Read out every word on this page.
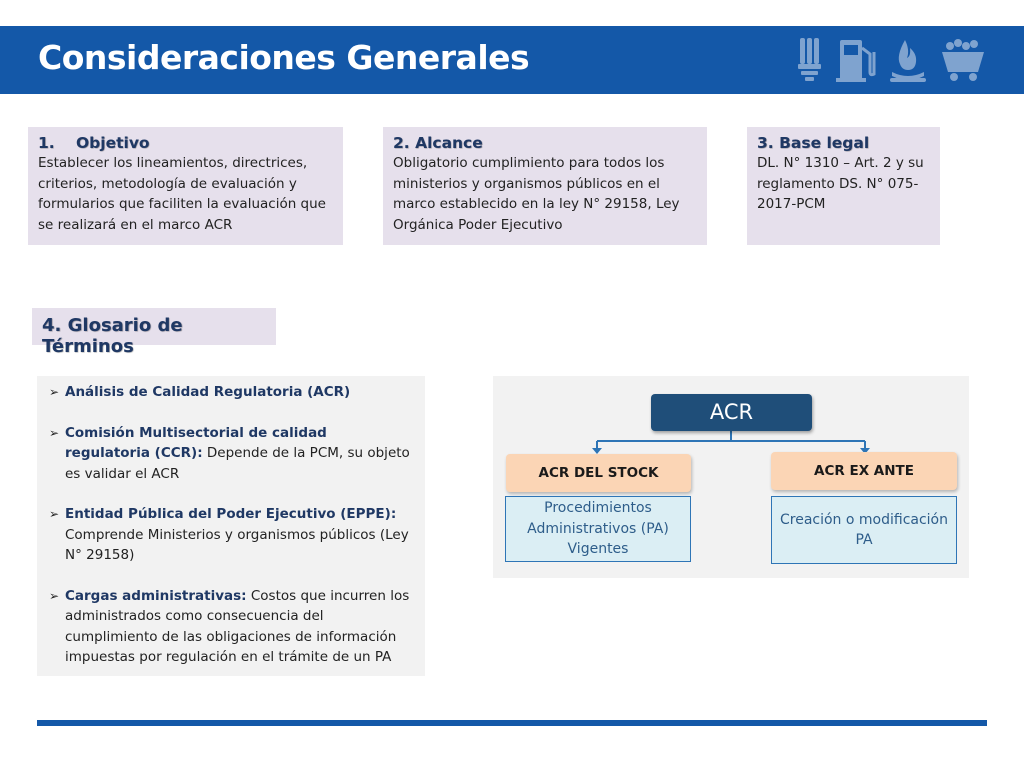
Consideraciones Generales
1. Objetivo
Establecer los lineamientos, directrices, criterios, metodología de evaluación y formularios que faciliten la evaluación que se realizará en el marco ACR
2. Alcance
Obligatorio cumplimiento para todos los ministerios y organismos públicos en el marco establecido en la ley N° 29158, Ley Orgánica Poder Ejecutivo
3. Base legal
DL. N° 1310 – Art. 2 y su reglamento DS. N° 075-2017-PCM
4. Glosario de Términos
➢ Análisis de Calidad Regulatoria (ACR)
➢ Comisión Multisectorial de calidad regulatoria (CCR): Depende de la PCM, su objeto es validar el ACR
➢ Entidad Pública del Poder Ejecutivo (EPPE): Comprende Ministerios y organismos públicos (Ley N° 29158)
➢ Cargas administrativas: Costos que incurren los administrados como consecuencia del cumplimiento de las obligaciones de información impuestas por regulación en el trámite de un PA
ACR
ACR DEL STOCK	ACR EX ANTE
Procedimientos Administrativos (PA) Vigentes
Creación o modificación PA
